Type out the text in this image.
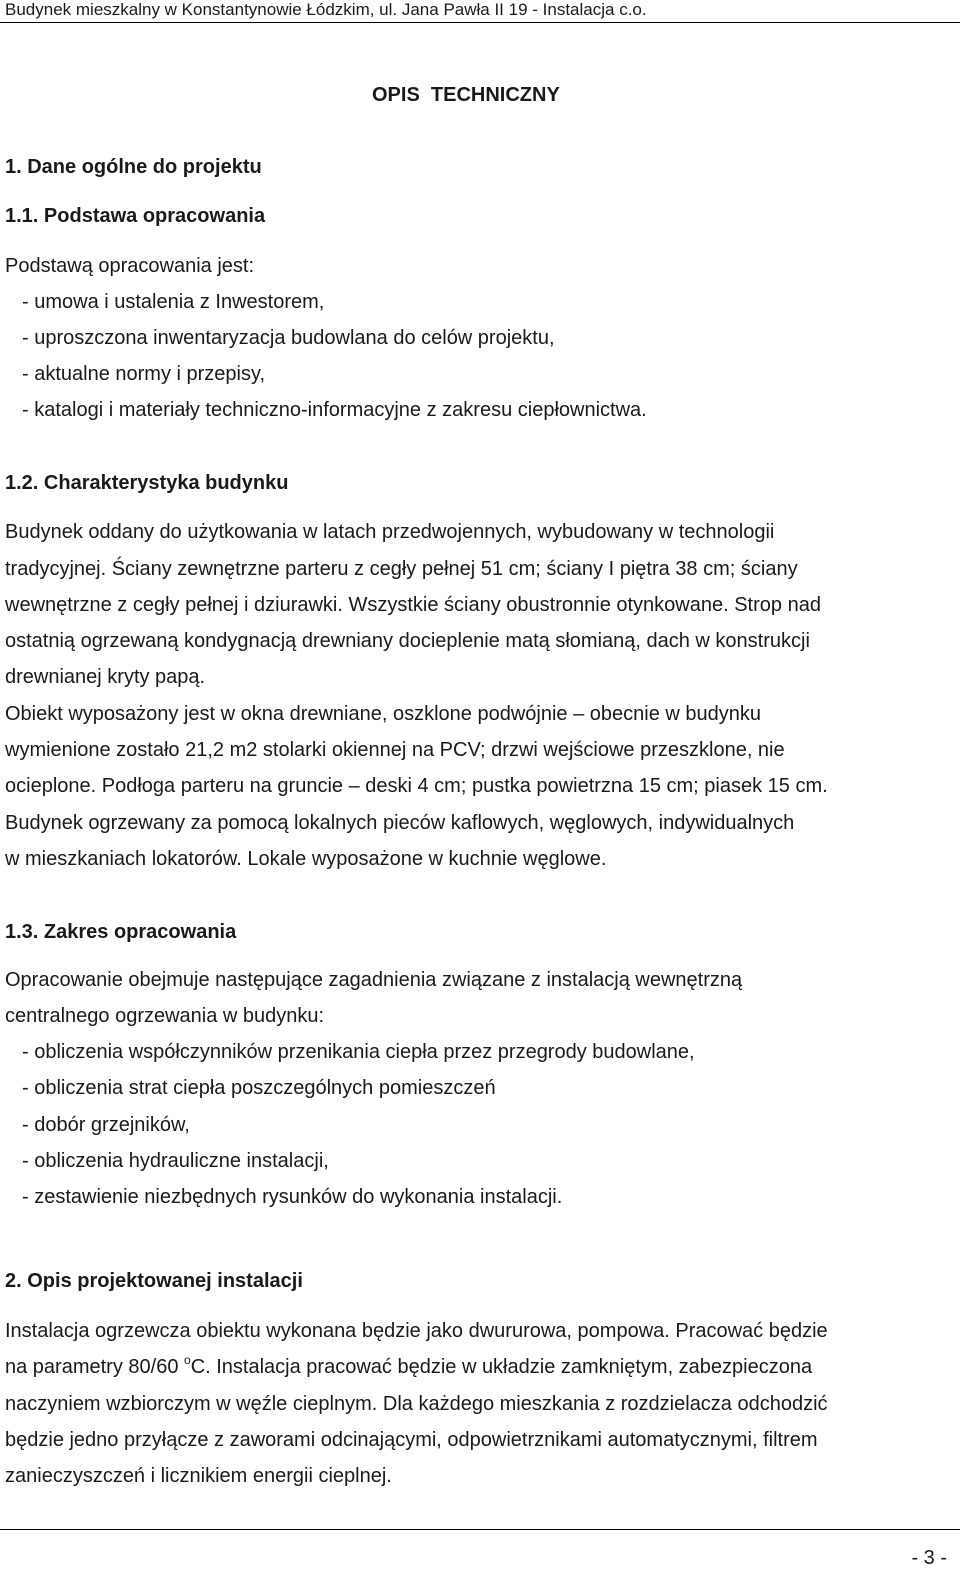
Budynek mieszkalny w Konstantynowie Łódzkim, ul. Jana Pawła II 19 - Instalacja c.o.
OPIS  TECHNICZNY
1. Dane ogólne do projektu
1.1. Podstawa opracowania
Podstawą opracowania jest:
- umowa i ustalenia z Inwestorem,
- uproszczona inwentaryzacja budowlana do celów projektu,
- aktualne normy i przepisy,
- katalogi i materiały techniczno-informacyjne z zakresu ciepłownictwa.
1.2. Charakterystyka budynku
Budynek oddany do użytkowania w latach przedwojennych, wybudowany w technologii
tradycyjnej. Ściany zewnętrzne parteru z cegły pełnej 51 cm; ściany I piętra 38 cm; ściany
wewnętrzne z cegły pełnej i dziurawki. Wszystkie ściany obustronnie otynkowane. Strop nad
ostatnią ogrzewaną kondygnacją drewniany docieplenie matą słomianą, dach w konstrukcji
drewnianej kryty papą.
Obiekt wyposażony jest w okna drewniane, oszklone podwójnie – obecnie w budynku
wymienione zostało 21,2 m2 stolarki okiennej na PCV; drzwi wejściowe przeszklone, nie
ocieplone. Podłoga parteru na gruncie – deski 4 cm; pustka powietrzna 15 cm; piasek 15 cm.
Budynek ogrzewany za pomocą lokalnych pieców kaflowych, węglowych, indywidualnych
w mieszkaniach lokatorów. Lokale wyposażone w kuchnie węglowe.
1.3. Zakres opracowania
Opracowanie obejmuje następujące zagadnienia związane z instalacją wewnętrzną
centralnego ogrzewania w budynku:
- obliczenia współczynników przenikania ciepła przez przegrody budowlane,
- obliczenia strat ciepła poszczególnych pomieszczeń
- dobór grzejników,
- obliczenia hydrauliczne instalacji,
- zestawienie niezbędnych rysunków do wykonania instalacji.
2. Opis projektowanej instalacji
Instalacja ogrzewcza obiektu wykonana będzie jako dwururowa, pompowa. Pracować będzie
na parametry 80/60 $^o$C. Instalacja pracować będzie w układzie zamkniętym, zabezpieczona
naczyniem wzbiorczym w węźle cieplnym. Dla każdego mieszkania z rozdzielacza odchodzić
będzie jedno przyłącze z zaworami odcinającymi, odpowietrznikami automatycznymi, filtrem
zanieczyszczeń i licznikiem energii cieplnej.
- 3 -
